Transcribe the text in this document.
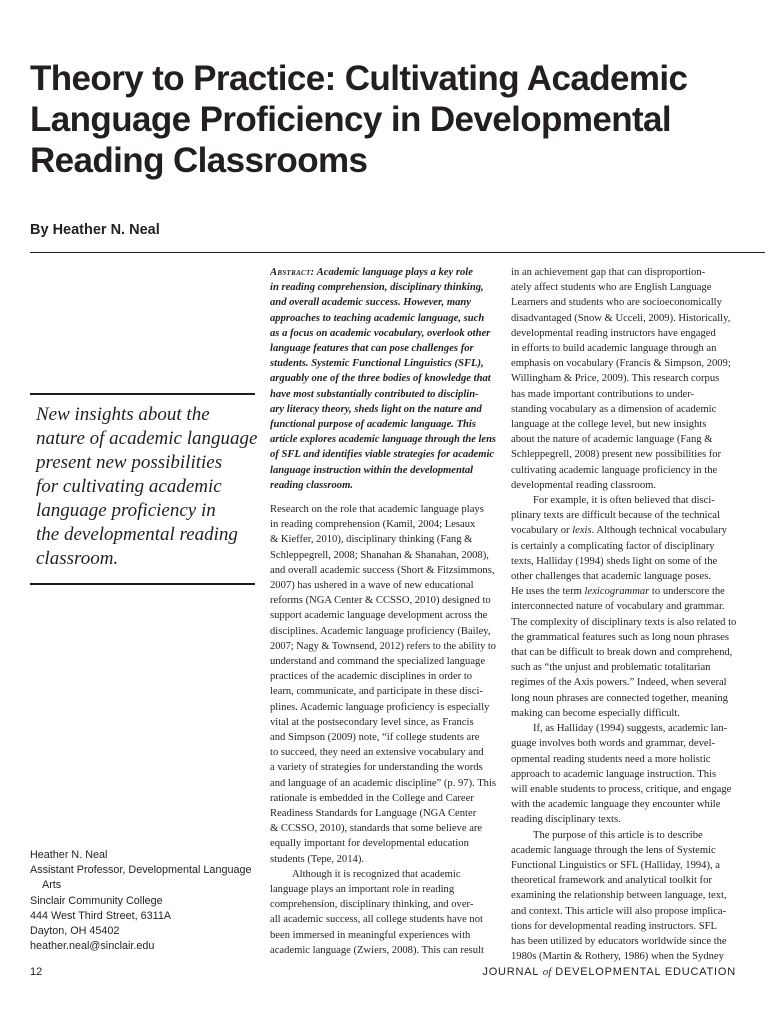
Theory to Practice: Cultivating Academic
Language Proficiency in Developmental
Reading Classrooms
By Heather N. Neal
New insights about the
nature of academic language
present new possibilities
for cultivating academic
language proficiency in
the developmental reading
classroom.
Heather N. Neal
Assistant Professor, Developmental Language
Arts
Sinclair Community College
444 West Third Street, 6311A
Dayton, OH 45402
heather.neal@sinclair.edu
Abstract: Academic language plays a key role
in reading comprehension, disciplinary thinking,
and overall academic success. However, many
approaches to teaching academic language, such
as a focus on academic vocabulary, overlook other
language features that can pose challenges for
students. Systemic Functional Linguistics (SFL),
arguably one of the three bodies of knowledge that
have most substantially contributed to disciplin-
ary literacy theory, sheds light on the nature and
functional purpose of academic language. This
article explores academic language through the lens
of SFL and identifies viable strategies for academic
language instruction within the developmental
reading classroom.
Research on the role that academic language plays
in reading comprehension (Kamil, 2004; Lesaux
& Kieffer, 2010), disciplinary thinking (Fang &
Schleppegrell, 2008; Shanahan & Shanahan, 2008),
and overall academic success (Short & Fitzsimmons,
2007) has ushered in a wave of new educational
reforms (NGA Center & CCSSO, 2010) designed to
support academic language development across the
disciplines. Academic language proficiency (Bailey,
2007; Nagy & Townsend, 2012) refers to the ability to
understand and command the specialized language
practices of the academic disciplines in order to
learn, communicate, and participate in these disci-
plines. Academic language proficiency is especially
vital at the postsecondary level since, as Francis
and Simpson (2009) note, “if college students are
to succeed, they need an extensive vocabulary and
a variety of strategies for understanding the words
and language of an academic discipline” (p. 97). This
rationale is embedded in the College and Career
Readiness Standards for Language (NGA Center
& CCSSO, 2010), standards that some believe are
equally important for developmental education
students (Tepe, 2014).
Although it is recognized that academic
language plays an important role in reading
comprehension, disciplinary thinking, and over-
all academic success, all college students have not
been immersed in meaningful experiences with
academic language (Zwiers, 2008). This can result
in an achievement gap that can disproportion-
ately affect students who are English Language
Learners and students who are socioeconomically
disadvantaged (Snow & Ucceli, 2009). Historically,
developmental reading instructors have engaged
in efforts to build academic language through an
emphasis on vocabulary (Francis & Simpson, 2009;
Willingham & Price, 2009). This research corpus
has made important contributions to under-
standing vocabulary as a dimension of academic
language at the college level, but new insights
about the nature of academic language (Fang &
Schleppegrell, 2008) present new possibilities for
cultivating academic language proficiency in the
developmental reading classroom.
For example, it is often believed that disci-
plinary texts are difficult because of the technical
vocabulary or lexis. Although technical vocabulary
is certainly a complicating factor of disciplinary
texts, Halliday (1994) sheds light on some of the
other challenges that academic language poses.
He uses the term lexicogrammar to underscore the
interconnected nature of vocabulary and grammar.
The complexity of disciplinary texts is also related to
the grammatical features such as long noun phrases
that can be difficult to break down and comprehend,
such as “the unjust and problematic totalitarian
regimes of the Axis powers.” Indeed, when several
long noun phrases are connected together, meaning
making can become especially difficult.
If, as Halliday (1994) suggests, academic lan-
guage involves both words and grammar, devel-
opmental reading students need a more holistic
approach to academic language instruction. This
will enable students to process, critique, and engage
with the academic language they encounter while
reading disciplinary texts.
The purpose of this article is to describe
academic language through the lens of Systemic
Functional Linguistics or SFL (Halliday, 1994), a
theoretical framework and analytical toolkit for
examining the relationship between language, text,
and context. This article will also propose implica-
tions for developmental reading instructors. SFL
has been utilized by educators worldwide since the
1980s (Martin & Rothery, 1986) when the Sydney
12	JOURNAL of DEVELOPMENTAL EDUCATION
